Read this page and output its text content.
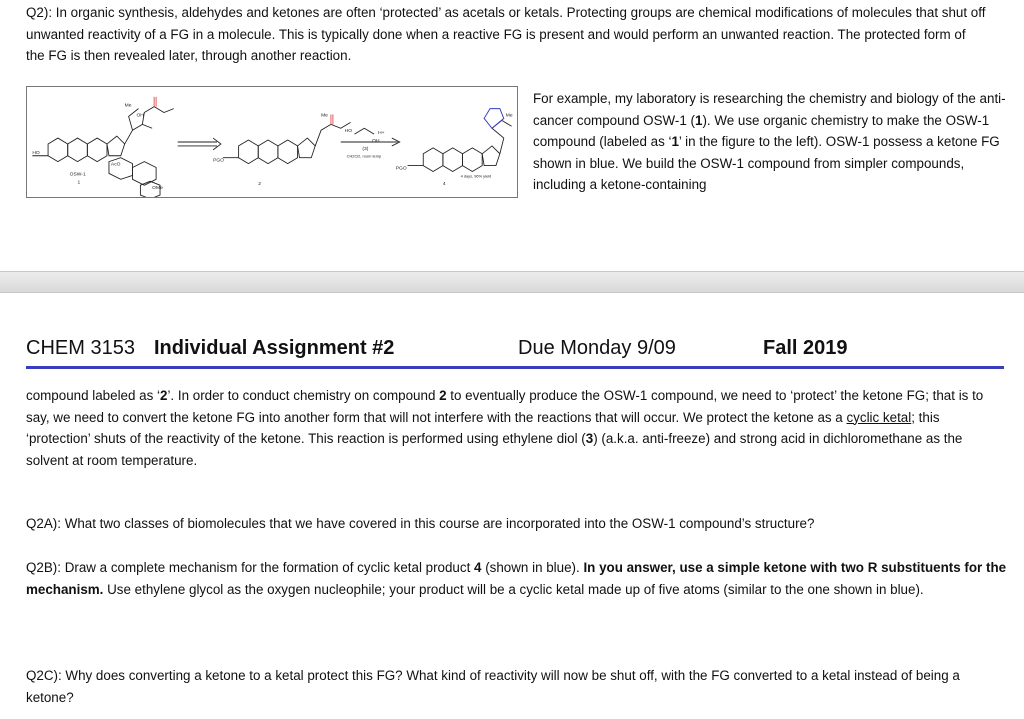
Q2): In organic synthesis, aldehydes and ketones are often ‘protected’ as acetals or ketals. Protecting groups are chemical modifications of molecules that shut off unwanted reactivity of a FG in a molecule. This is typically done when a reactive FG is present and would perform an unwanted reaction. The protected form of the FG is then revealed later, through another reaction.

OSW-1
1	2	4
(3)
H+
CH2Cl2, room temp
4 days, 96% yield
PGO
PGO
OMe
HO
HO
OH
OH
AcO
Me
Me	Me

For example, my laboratory is researching the chemistry and biology of the anti-cancer compound OSW-1 (1). We use organic chemistry to make the OSW-1 compound (labeled as ‘1’ in the figure to the left). OSW-1 possess a ketone FG shown in blue. We build the OSW-1 compound from simpler compounds, including a ketone-containing

CHEM 3153 Individual Assignment #2	Due Monday 9/09	Fall 2019

compound labeled as ‘2’. In order to conduct chemistry on compound 2 to eventually produce the OSW-1 compound, we need to ‘protect’ the ketone FG; that is to say, we need to convert the ketone FG into another form that will not interfere with the reactions that will occur. We protect the ketone as a cyclic ketal; this ‘protection’ shuts of the reactivity of the ketone. This reaction is performed using ethylene diol (3) (a.k.a. anti-freeze) and strong acid in dichloromethane as the solvent at room temperature.

Q2A): What two classes of biomolecules that we have covered in this course are incorporated into the OSW-1 compound’s structure?

Q2B): Draw a complete mechanism for the formation of cyclic ketal product 4 (shown in blue). In you answer, use a simple ketone with two R substituents for the mechanism. Use ethylene glycol as the oxygen nucleophile; your product will be a cyclic ketal made up of five atoms (similar to the one shown in blue).

Q2C): Why does converting a ketone to a ketal protect this FG? What kind of reactivity will now be shut off, with the FG converted to a ketal instead of being a ketone?
